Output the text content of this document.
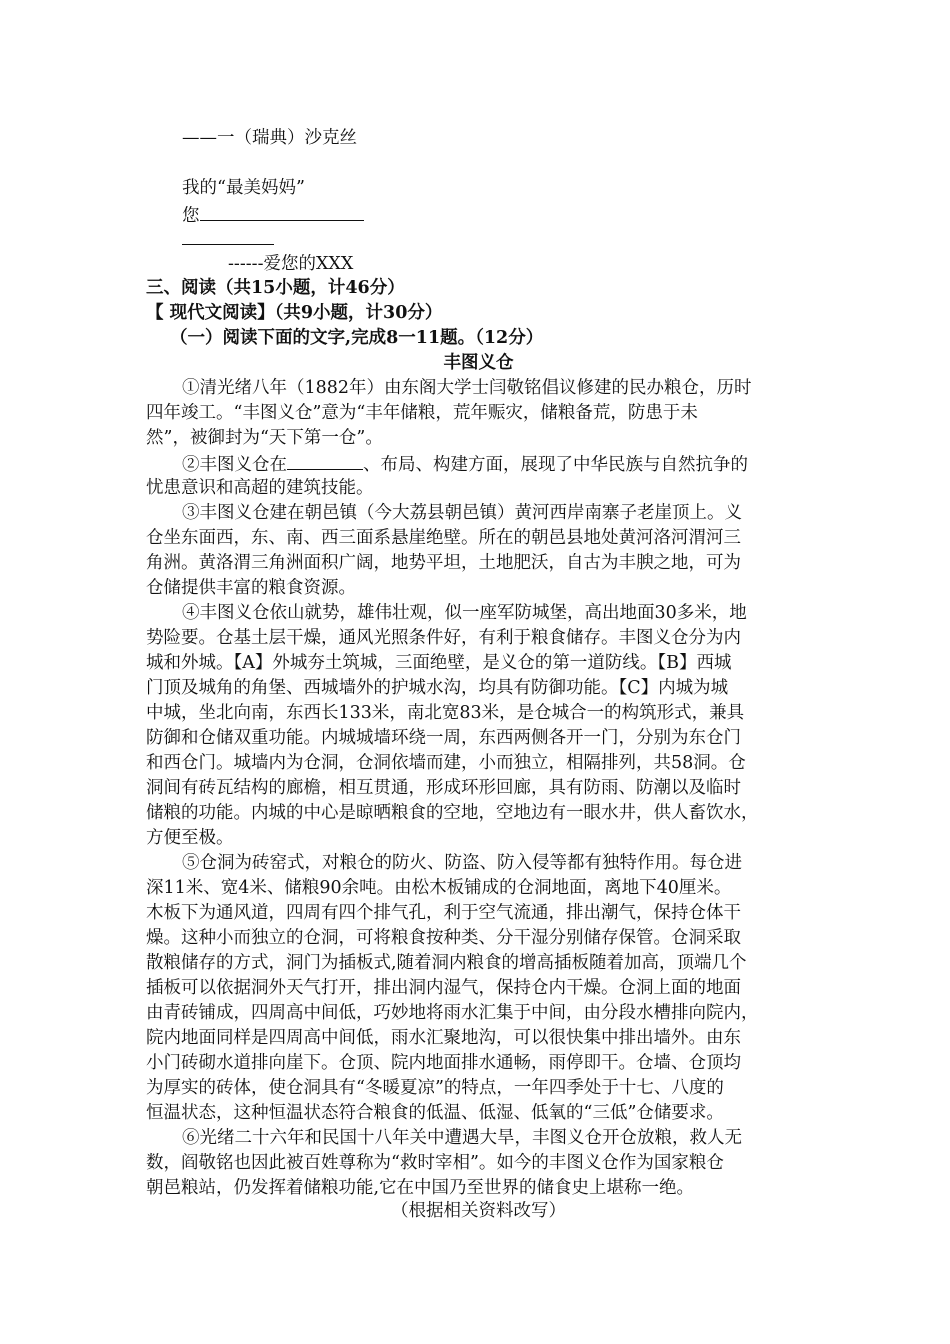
——一（瑞典）沙克丝
我的“最美妈妈”
您
------爱您的XXX
三、阅读（共15小题，计46分）
【 现代文阅读】（共9小题，计30分）
（一）阅读下面的文字,完成8一11题。（12分）
丰图义仓
①清光绪八年（1882年）由东阁大学士闫敬铭倡议修建的民办粮仓，历时
四年竣工。“丰图义仓”意为“丰年储粮，荒年赈灾，储粮备荒，防患于未
然”，被御封为“天下第一仓”。
②丰图义仓在	、布局、构建方面，展现了中华民族与自然抗争的
忧患意识和高超的建筑技能。
③丰图义仓建在朝邑镇（今大荔县朝邑镇）黄河西岸南寨子老崖顶上。义
仓坐东面西，东、南、西三面系悬崖绝壁。所在的朝邑县地处黄河洛河渭河三
角洲。黄洛渭三角洲面积广阔，地势平坦，土地肥沃，自古为丰腴之地，可为
仓储提供丰富的粮食资源。
④丰图义仓依山就势，雄伟壮观，似一座军防城堡，高出地面30多米，地
势险要。仓基土层干燥，通风光照条件好，有利于粮食储存。丰图义仓分为内
城和外城。【A】外城夯土筑城，三面绝壁，是义仓的第一道防线。【B】西城
门顶及城角的角堡、西城墙外的护城水沟，均具有防御功能。【C】内城为城
中城，坐北向南，东西长133米，南北宽83米，是仓城合一的构筑形式，兼具
防御和仓储双重功能。内城城墙环绕一周，东西两侧各开一门，分别为东仓门
和西仓门。城墙内为仓洞，仓洞依墙而建，小而独立，相隔排列，共58洞。仓
洞间有砖瓦结构的廊檐，相互贯通，形成环形回廊，具有防雨、防潮以及临时
储粮的功能。内城的中心是晾晒粮食的空地，空地边有一眼水井，供人畜饮水，
方便至极。
⑤仓洞为砖窑式，对粮仓的防火、防盗、防入侵等都有独特作用。每仓进
深11米、宽4米、储粮90余吨。由松木板铺成的仓洞地面，离地下40厘米。
木板下为通风道，四周有四个排气孔，利于空气流通，排出潮气，保持仓体干
燥。这种小而独立的仓洞，可将粮食按种类、分干湿分别储存保管。仓洞采取
散粮储存的方式，洞门为插板式,随着洞内粮食的增高插板随着加高，顶端几个
插板可以依据洞外天气打开，排出洞内湿气，保持仓内干燥。仓洞上面的地面
由青砖铺成，四周高中间低，巧妙地将雨水汇集于中间，由分段水槽排向院内，
院内地面同样是四周高中间低，雨水汇聚地沟，可以很快集中排出墙外。由东
小门砖砌水道排向崖下。仓顶、院内地面排水通畅，雨停即干。仓墙、仓顶均
为厚实的砖体，使仓洞具有“冬暖夏凉”的特点，一年四季处于十七、八度的
恒温状态，这种恒温状态符合粮食的低温、低湿、低氧的“三低”仓储要求。
⑥光绪二十六年和民国十八年关中遭遇大旱，丰图义仓开仓放粮，救人无
数，阎敬铭也因此被百姓尊称为“救时宰相”。如今的丰图义仓作为国家粮仓
朝邑粮站，仍发挥着储粮功能,它在中国乃至世界的储食史上堪称一绝。
（根据相关资料改写）
